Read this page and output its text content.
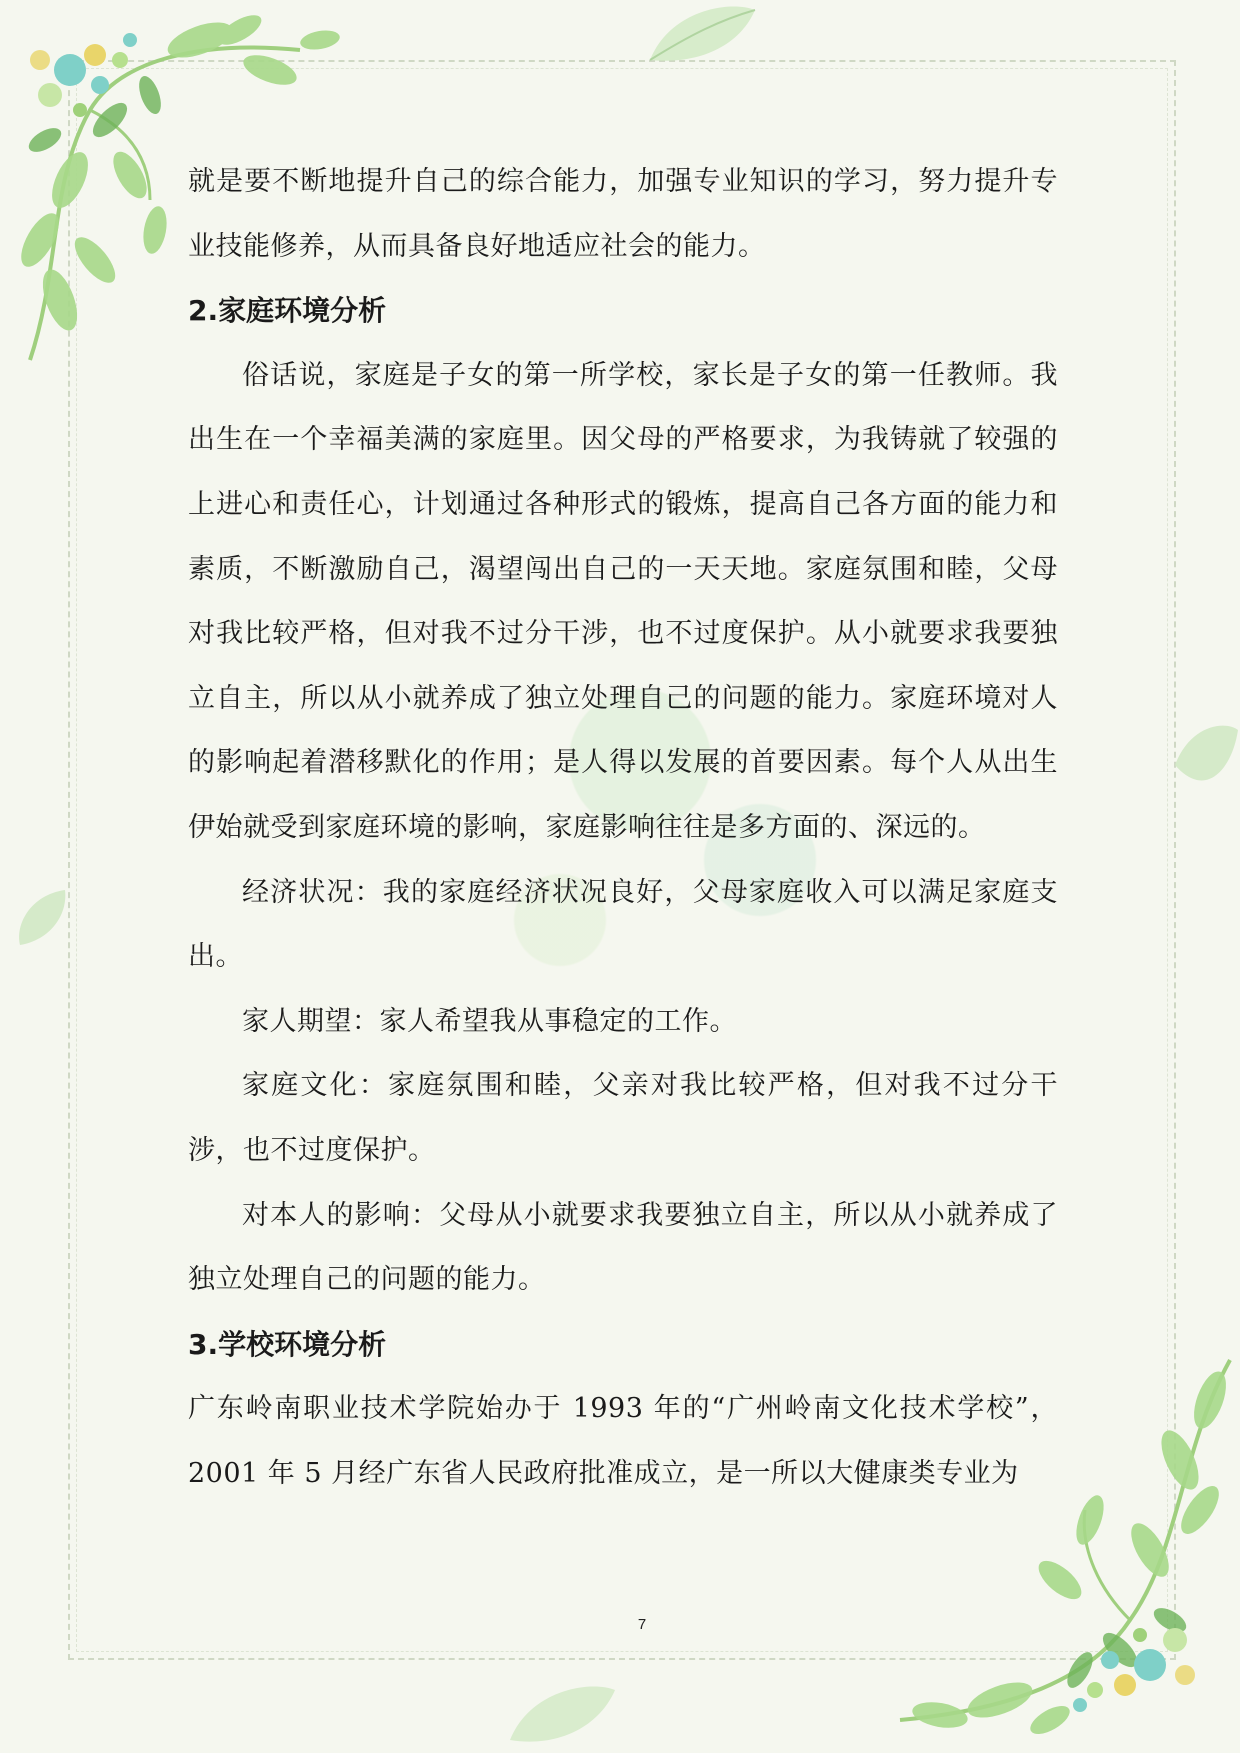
就是要不断地提升自己的综合能力，加强专业知识的学习，努力提升专业技能修养，从而具备良好地适应社会的能力。

2.家庭环境分析

俗话说，家庭是子女的第一所学校，家长是子女的第一任教师。我出生在一个幸福美满的家庭里。因父母的严格要求，为我铸就了较强的上进心和责任心，计划通过各种形式的锻炼，提高自己各方面的能力和素质，不断激励自己，渴望闯出自己的一天天地。家庭氛围和睦，父母对我比较严格，但对我不过分干涉，也不过度保护。从小就要求我要独立自主，所以从小就养成了独立处理自己的问题的能力。家庭环境对人的影响起着潜移默化的作用；是人得以发展的首要因素。每个人从出生伊始就受到家庭环境的影响，家庭影响往往是多方面的、深远的。

经济状况：我的家庭经济状况良好，父母家庭收入可以满足家庭支出。

家人期望：家人希望我从事稳定的工作。

家庭文化：家庭氛围和睦，父亲对我比较严格，但对我不过分干涉，也不过度保护。

对本人的影响：父母从小就要求我要独立自主，所以从小就养成了独立处理自己的问题的能力。

3.学校环境分析

广东岭南职业技术学院始办于 1993 年的“广州岭南文化技术学校”，2001 年 5 月经广东省人民政府批准成立，是一所以大健康类专业为

7
